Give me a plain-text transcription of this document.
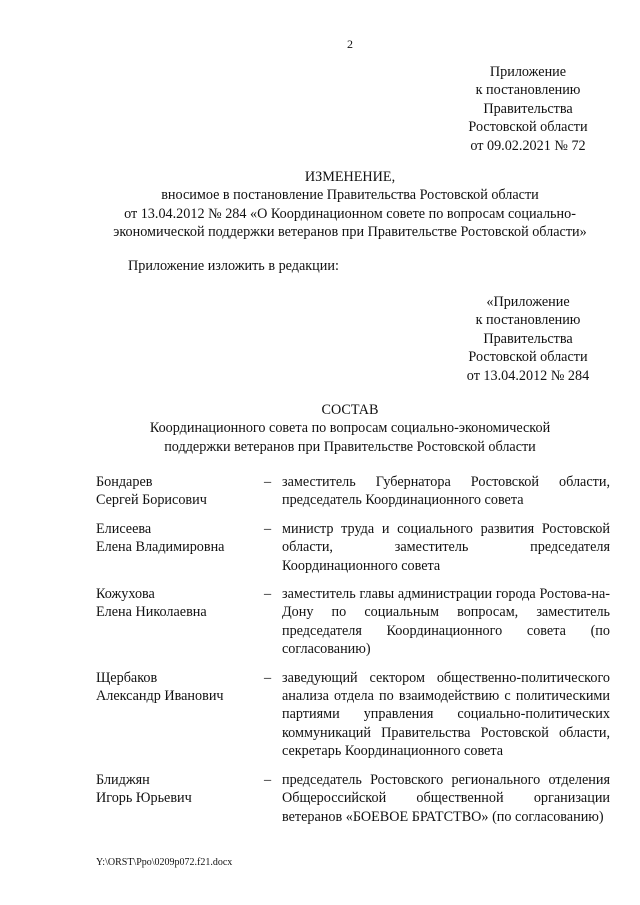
2
Приложение
к постановлению
Правительства
Ростовской области
от 09.02.2021 № 72
ИЗМЕНЕНИЕ,
вносимое в постановление Правительства Ростовской области
от 13.04.2012 № 284 «О Координационном совете по вопросам социально-
экономической поддержки ветеранов при Правительстве Ростовской области»
Приложение изложить в редакции:
«Приложение
к постановлению
Правительства
Ростовской области
от 13.04.2012 № 284
СОСТАВ
Координационного совета по вопросам социально-экономической
поддержки ветеранов при Правительстве Ростовской области
Бондарев
Сергей Борисович
– заместитель Губернатора Ростовской области, председатель Координационного совета
Елисеева
Елена Владимировна
– министр труда и социального развития Ростовской области, заместитель председателя Координационного совета
Кожухова
Елена Николаевна
– заместитель главы администрации города Ростова-на-Дону по социальным вопросам, заместитель председателя Координационного совета (по согласованию)
Щербаков
Александр Иванович
– заведующий сектором общественно-политического анализа отдела по взаимодействию с политическими партиями управления социально-политических коммуникаций Правительства Ростовской области, секретарь Координационного совета
Блиджян
Игорь Юрьевич
– председатель Ростовского регионального отделения Общероссийской общественной организации ветеранов «БОЕВОЕ БРАТСТВО» (по согласованию)
Y:\ORST\Ppo\0209p072.f21.docx
